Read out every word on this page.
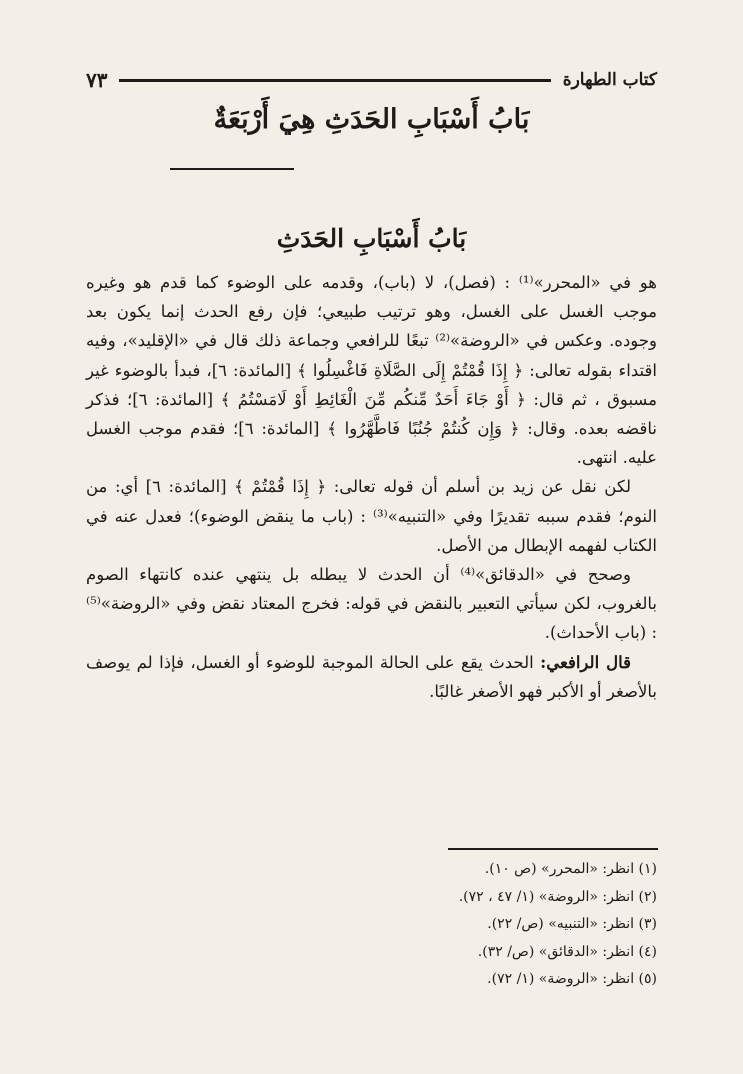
كتاب الطهارة
٧٣
بَابُ أَسْبَابِ الحَدَثِ هِيَ أَرْبَعَةٌ
بَابُ أَسْبَابِ الحَدَثِ

هو في «المحرر»⁽¹⁾ : (فصل)، لا (باب)، وقدمه على الوضوء كما قدم هو وغيره موجب الغسل على الغسل، وهو ترتيب طبيعي؛ فإن رفع الحدث إنما يكون بعد وجوده. وعكس في «الروضة»⁽²⁾ تبعًا للرافعي وجماعة ذلك قال في «الإقليد»، وفيه اقتداء بقوله تعالى: ﴿ إِذَا قُمْتُمْ إِلَى الصَّلَاةِ فَاغْسِلُوا ﴾ [المائدة: ٦]، فبدأ بالوضوء غير مسبوق ، ثم قال: ﴿ أَوْ جَاءَ أَحَدٌ مِّنكُم مِّنَ الْغَائِطِ أَوْ لَامَسْتُمُ ﴾ [المائدة: ٦]؛ فذكر ناقضه بعده. وقال: ﴿ وَإِن كُنتُمْ جُنُبًا فَاطَّهَّرُوا ﴾ [المائدة: ٦]؛ فقدم موجب الغسل عليه. انتهى.

لكن نقل عن زيد بن أسلم أن قوله تعالى: ﴿ إِذَا قُمْتُمْ ﴾ [المائدة: ٦] أي: من النوم؛ فقدم سببه تقديرًا وفي «التنبيه»⁽³⁾ : (باب ما ينقض الوضوء)؛ فعدل عنه في الكتاب لفهمه الإبطال من الأصل.

وصحح في «الدقائق»⁽⁴⁾ أن الحدث لا يبطله بل ينتهي عنده كانتهاء الصوم بالغروب، لكن سيأتي التعبير بالنقض في قوله: فخرج المعتاد نقض وفي «الروضة»⁽⁵⁾ : (باب الأحداث).

قال الرافعي: الحدث يقع على الحالة الموجبة للوضوء أو الغسل، فإذا لم يوصف بالأصغر أو الأكبر فهو الأصغر غالبًا.

(١) انظر: «المحرر» (ص ١٠).
(٢) انظر: «الروضة» (١/ ٤٧ ، ٧٢).
(٣) انظر: «التنبيه» (ص/ ٢٢).
(٤) انظر: «الدقائق» (ص/ ٣٢).
(٥) انظر: «الروضة» (١/ ٧٢).
